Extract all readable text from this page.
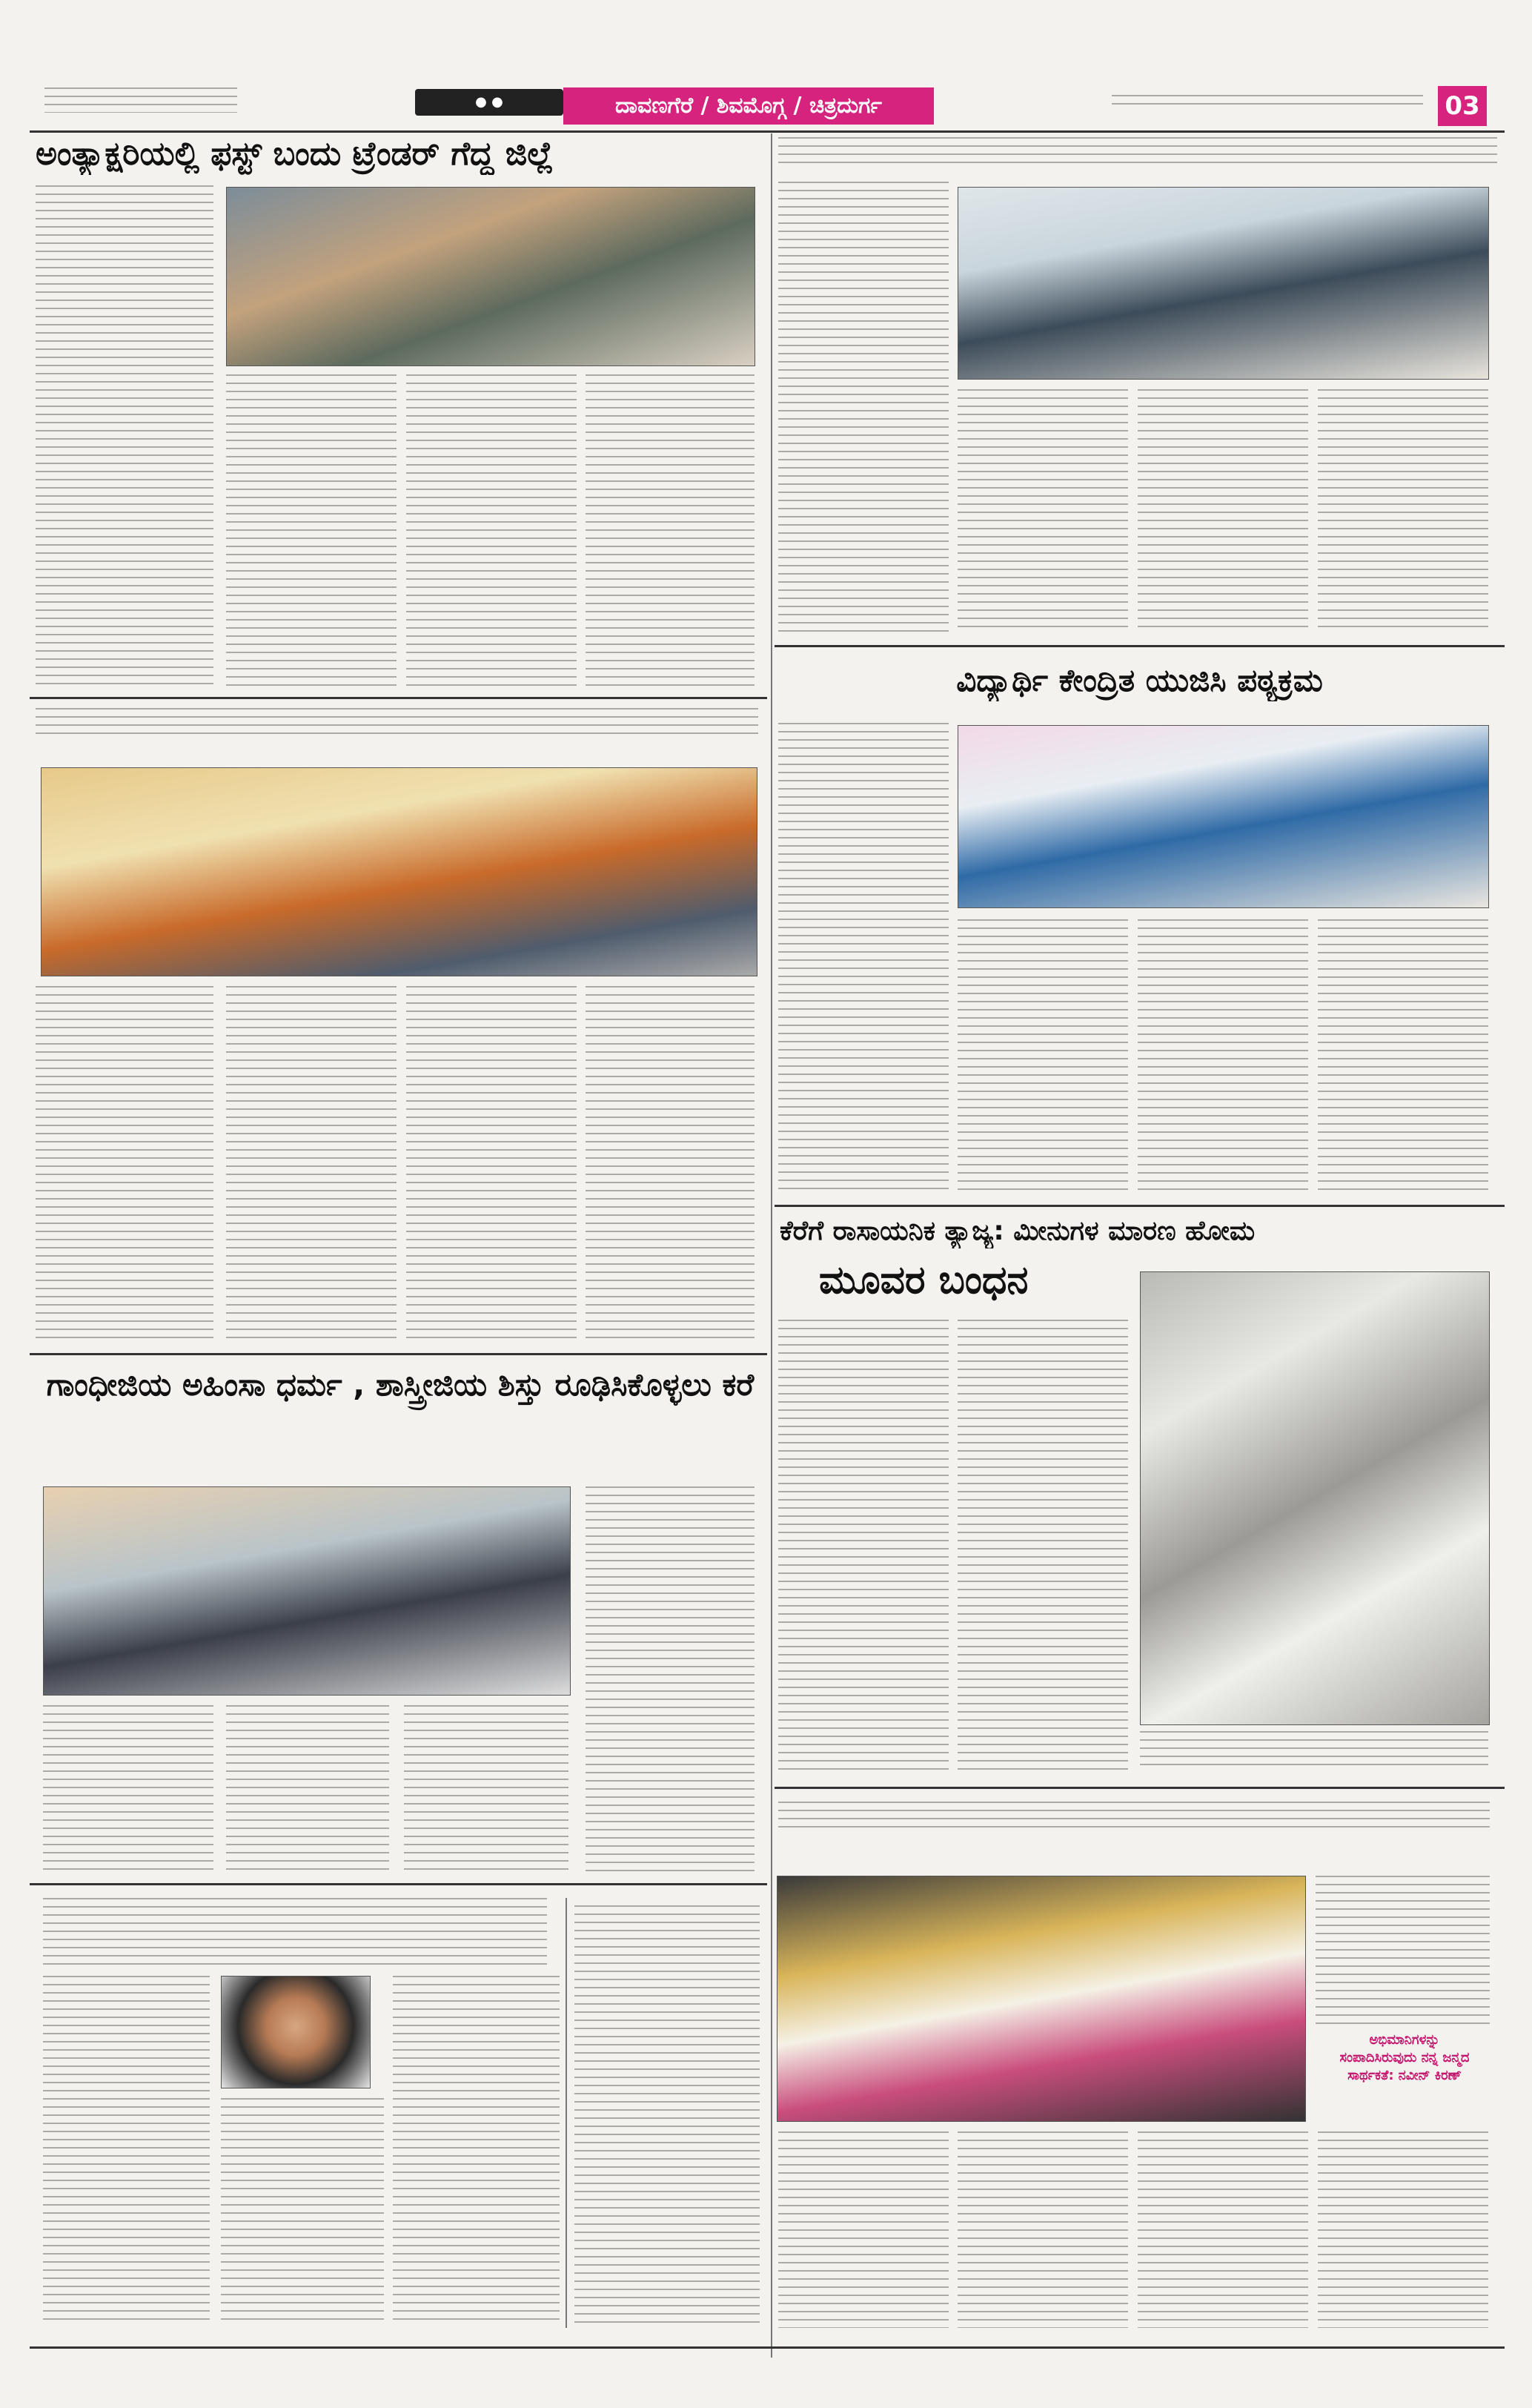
● ●	ದಾವಣಗೆರೆ / ಶಿವಮೊಗ್ಗ / ಚಿತ್ರದುರ್ಗ	03
ಅಂತ್ಯಾಕ್ಷರಿಯಲ್ಲಿ ಫಸ್ಟ್ ಬಂದು ಟ್ರೆಂಡರ್ ಗೆದ್ದ ಜಿಲ್ಲೆ
ಗಾಂಧೀಜಿಯ ಅಹಿಂಸಾ ಧರ್ಮ , ಶಾಸ್ತ್ರೀಜಿಯ ಶಿಸ್ತು ರೂಢಿಸಿಕೊಳ್ಳಲು ಕರೆ
ವಿದ್ಯಾರ್ಥಿ ಕೇಂದ್ರಿತ ಯುಜಿಸಿ ಪಠ್ಯಕ್ರಮ
ಕೆರೆಗೆ ರಾಸಾಯನಿಕ ತ್ಯಾಜ್ಯ: ಮೀನುಗಳ ಮಾರಣ ಹೋಮ
ಮೂವರ ಬಂಧನ
ಅಭಿಮಾನಿಗಳನ್ನು
ಸಂಪಾದಿಸಿರುವುದು ನನ್ನ ಜನ್ಮದ
ಸಾರ್ಥಕತೆ: ನವೀನ್ ಕಿರಣ್
